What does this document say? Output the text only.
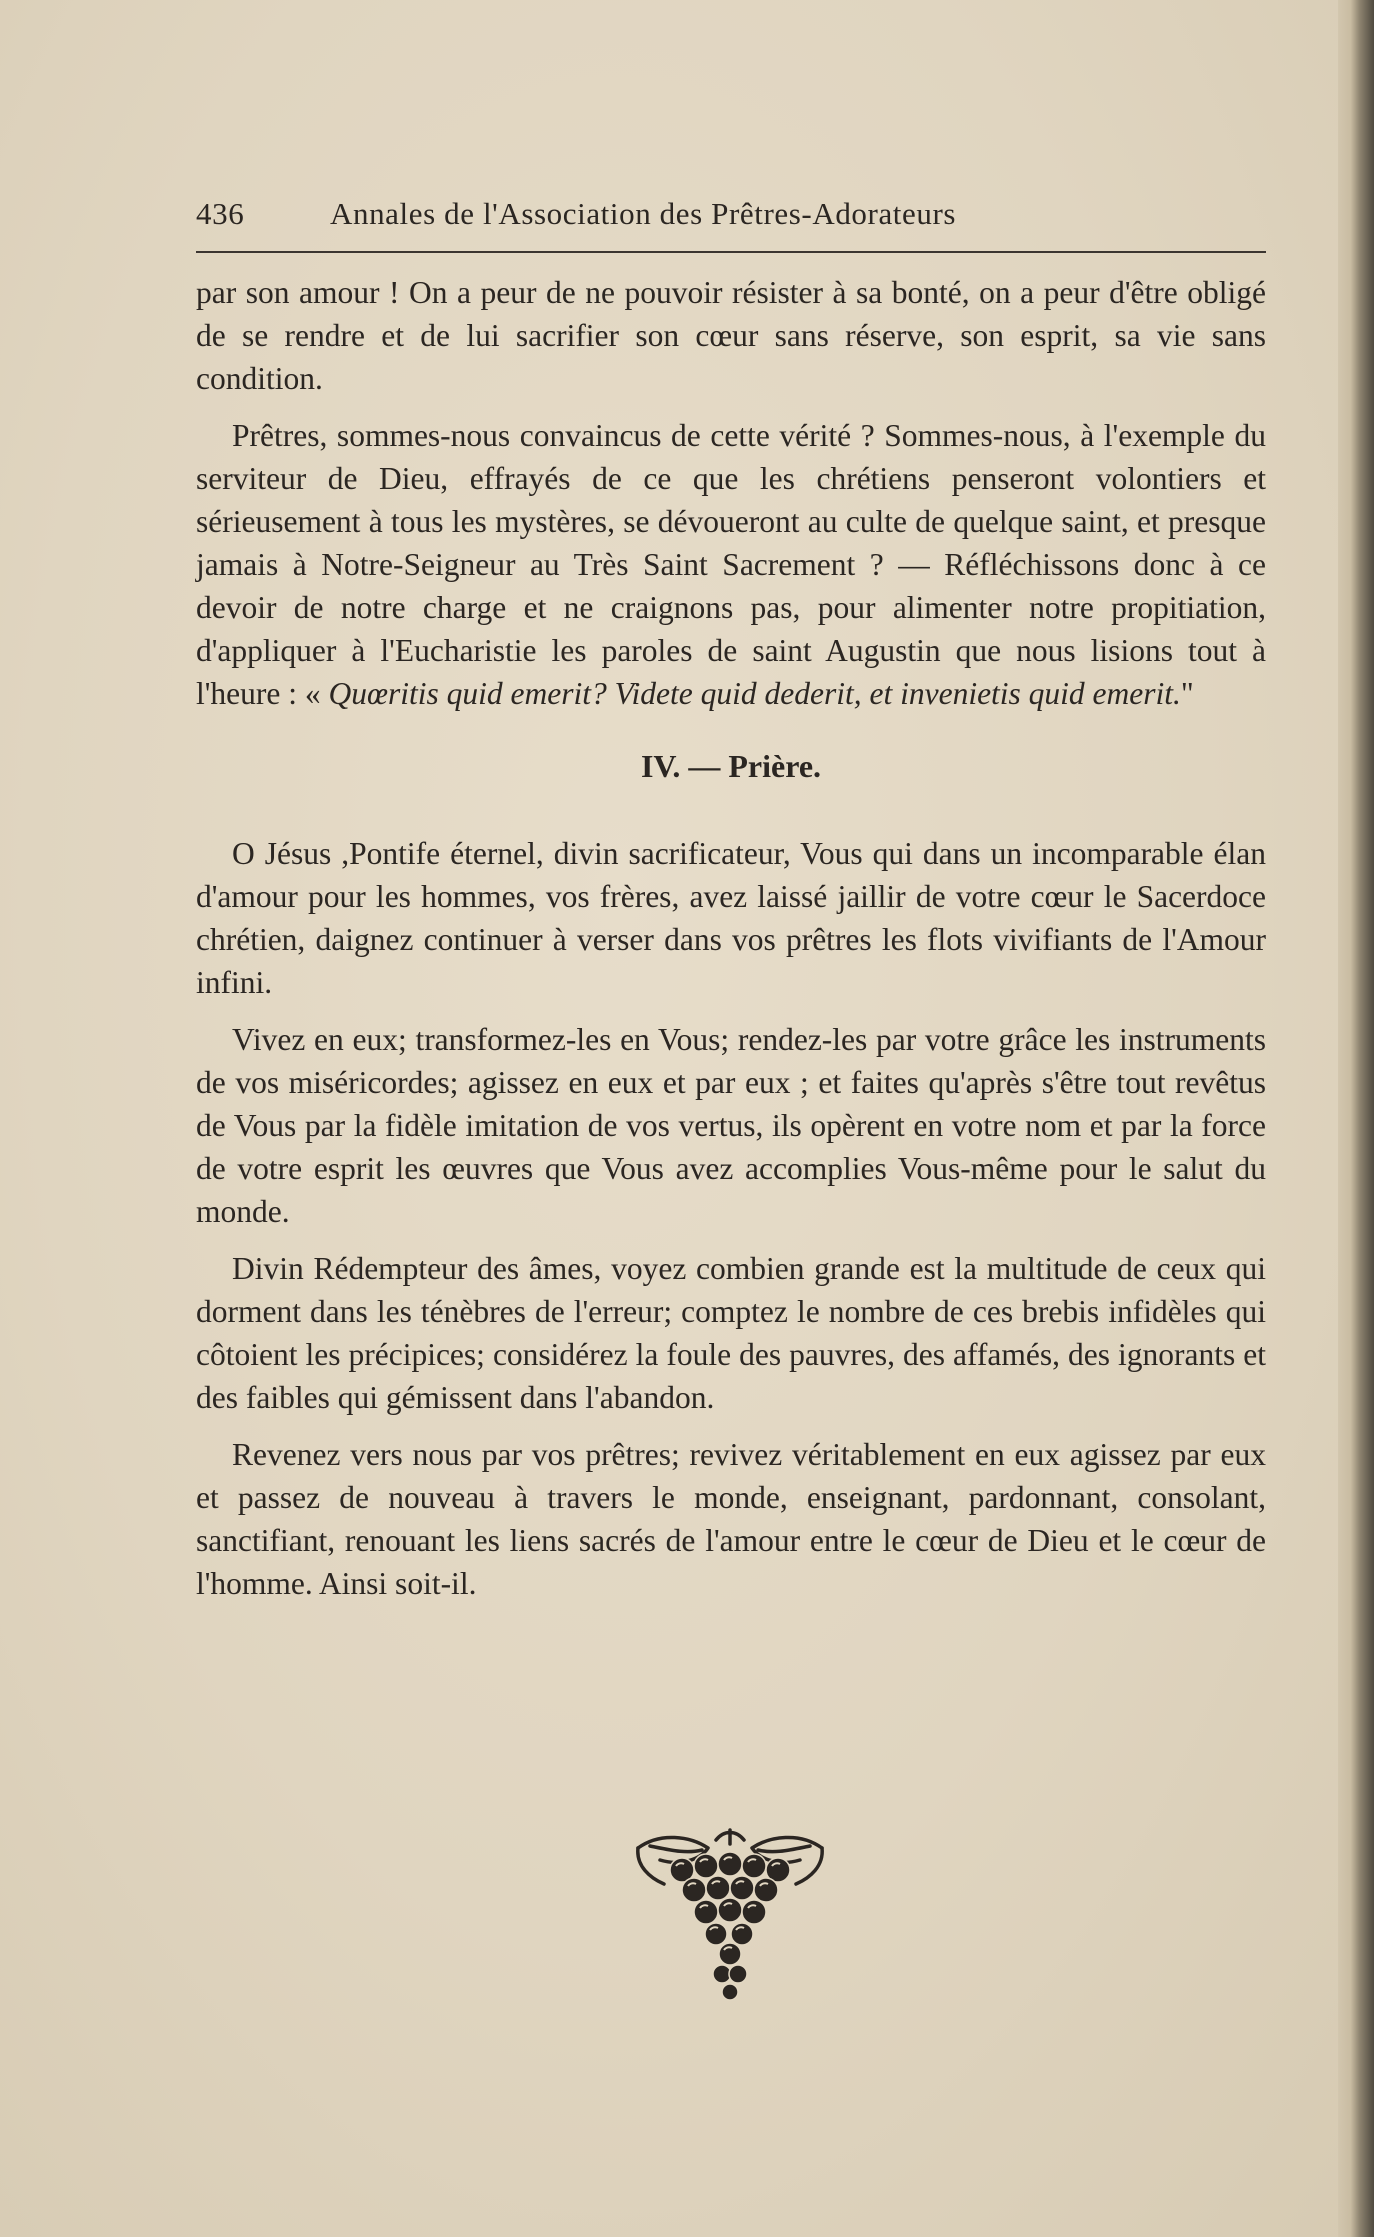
436	Annales de l'Association des Prêtres-Adorateurs

par son amour ! On a peur de ne pouvoir résister à sa bonté, on a peur d'être obligé de se rendre et de lui sacrifier son cœur sans réserve, son esprit, sa vie sans condition.

Prêtres, sommes-nous convaincus de cette vérité ? Sommes-nous, à l'exemple du serviteur de Dieu, effrayés de ce que les chrétiens penseront volontiers et sérieusement à tous les mystères, se dévoueront au culte de quelque saint, et presque jamais à Notre-Seigneur au Très Saint Sacrement ? — Réfléchissons donc à ce devoir de notre charge et ne craignons pas, pour alimenter notre propitiation, d'appliquer à l'Eucharistie les paroles de saint Augustin que nous lisions tout à l'heure : « Quœritis quid emerit? Videte quid dederit, et invenietis quid emerit."

IV. — Prière.

O Jésus ,Pontife éternel, divin sacrificateur, Vous qui dans un incomparable élan d'amour pour les hommes, vos frères, avez laissé jaillir de votre cœur le Sacerdoce chrétien, daignez continuer à verser dans vos prêtres les flots vivifiants de l'Amour infini.

Vivez en eux; transformez-les en Vous; rendez-les par votre grâce les instruments de vos miséricordes; agissez en eux et par eux ; et faites qu'après s'être tout revêtus de Vous par la fidèle imitation de vos vertus, ils opèrent en votre nom et par la force de votre esprit les œuvres que Vous avez accomplies Vous-même pour le salut du monde.

Divin Rédempteur des âmes, voyez combien grande est la multitude de ceux qui dorment dans les ténèbres de l'erreur; comptez le nombre de ces brebis infidèles qui côtoient les précipices; considérez la foule des pauvres, des affamés, des ignorants et des faibles qui gémissent dans l'abandon.

Revenez vers nous par vos prêtres; revivez véritablement en eux agissez par eux et passez de nouveau à travers le monde, enseignant, pardonnant, consolant, sanctifiant, renouant les liens sacrés de l'amour entre le cœur de Dieu et le cœur de l'homme. Ainsi soit-il.
